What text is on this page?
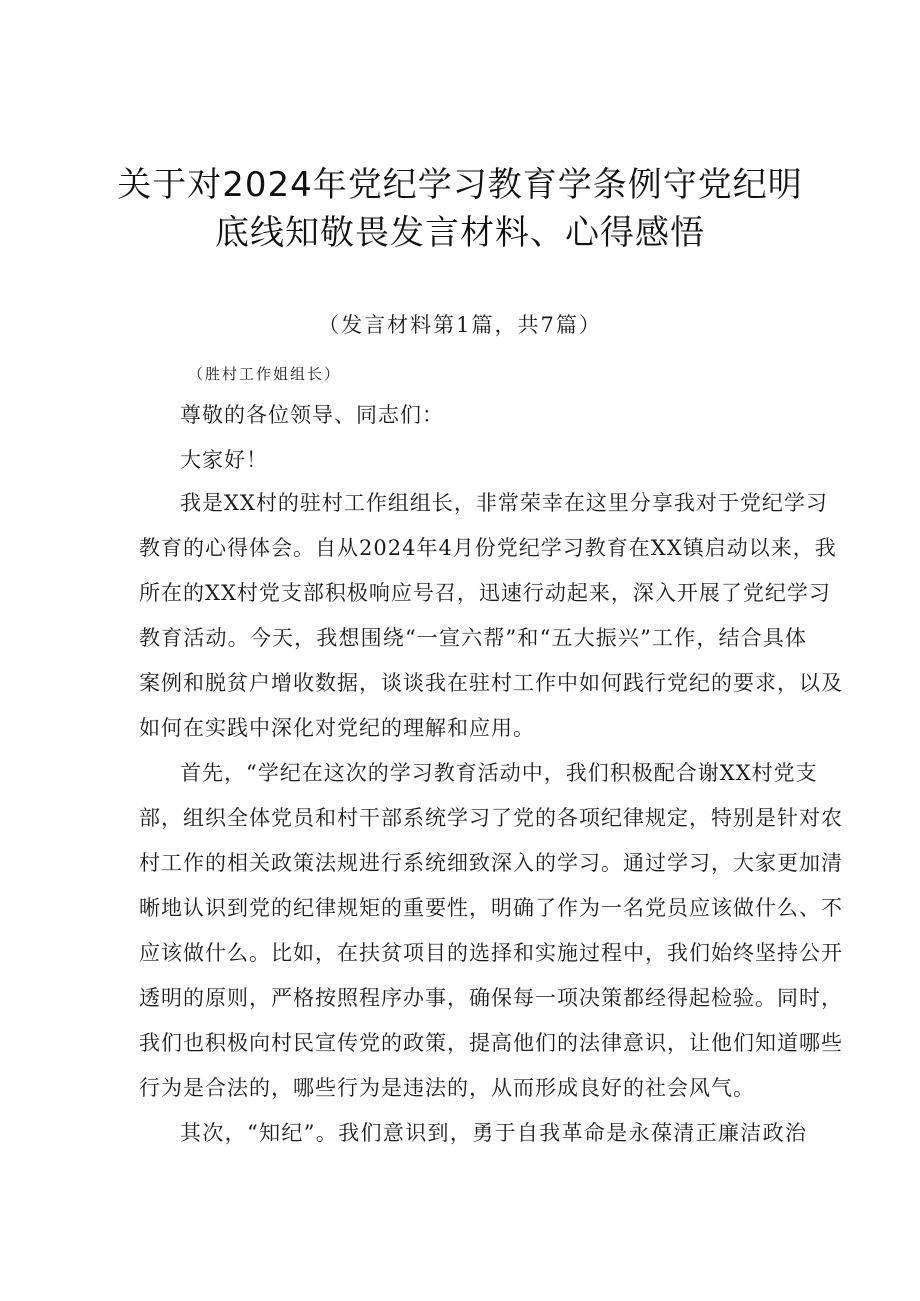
关于对2024年党纪学习教育学条例守党纪明
底线知敬畏发言材料、心得感悟
（发言材料第1篇，共7篇）
（胜村工作姐组长）
尊敬的各位领导、同志们：
大家好！
我是XX村的驻村工作组组长，非常荣幸在这里分享我对于党纪学习
教育的心得体会。自从2024年4月份党纪学习教育在XX镇启动以来，我
所在的XX村党支部积极响应号召，迅速行动起来，深入开展了党纪学习
教育活动。今天，我想围绕“一宣六帮”和“五大振兴”工作，结合具体
案例和脱贫户增收数据，谈谈我在驻村工作中如何践行党纪的要求，以及
如何在实践中深化对党纪的理解和应用。
首先，“学纪在这次的学习教育活动中，我们积极配合谢XX村党支
部，组织全体党员和村干部系统学习了党的各项纪律规定，特别是针对农
村工作的相关政策法规进行系统细致深入的学习。通过学习，大家更加清
晰地认识到党的纪律规矩的重要性，明确了作为一名党员应该做什么、不
应该做什么。比如，在扶贫项目的选择和实施过程中，我们始终坚持公开
透明的原则，严格按照程序办事，确保每一项决策都经得起检验。同时，
我们也积极向村民宣传党的政策，提高他们的法律意识，让他们知道哪些
行为是合法的，哪些行为是违法的，从而形成良好的社会风气。
其次，“知纪”。我们意识到，勇于自我革命是永葆清正廉洁政治
